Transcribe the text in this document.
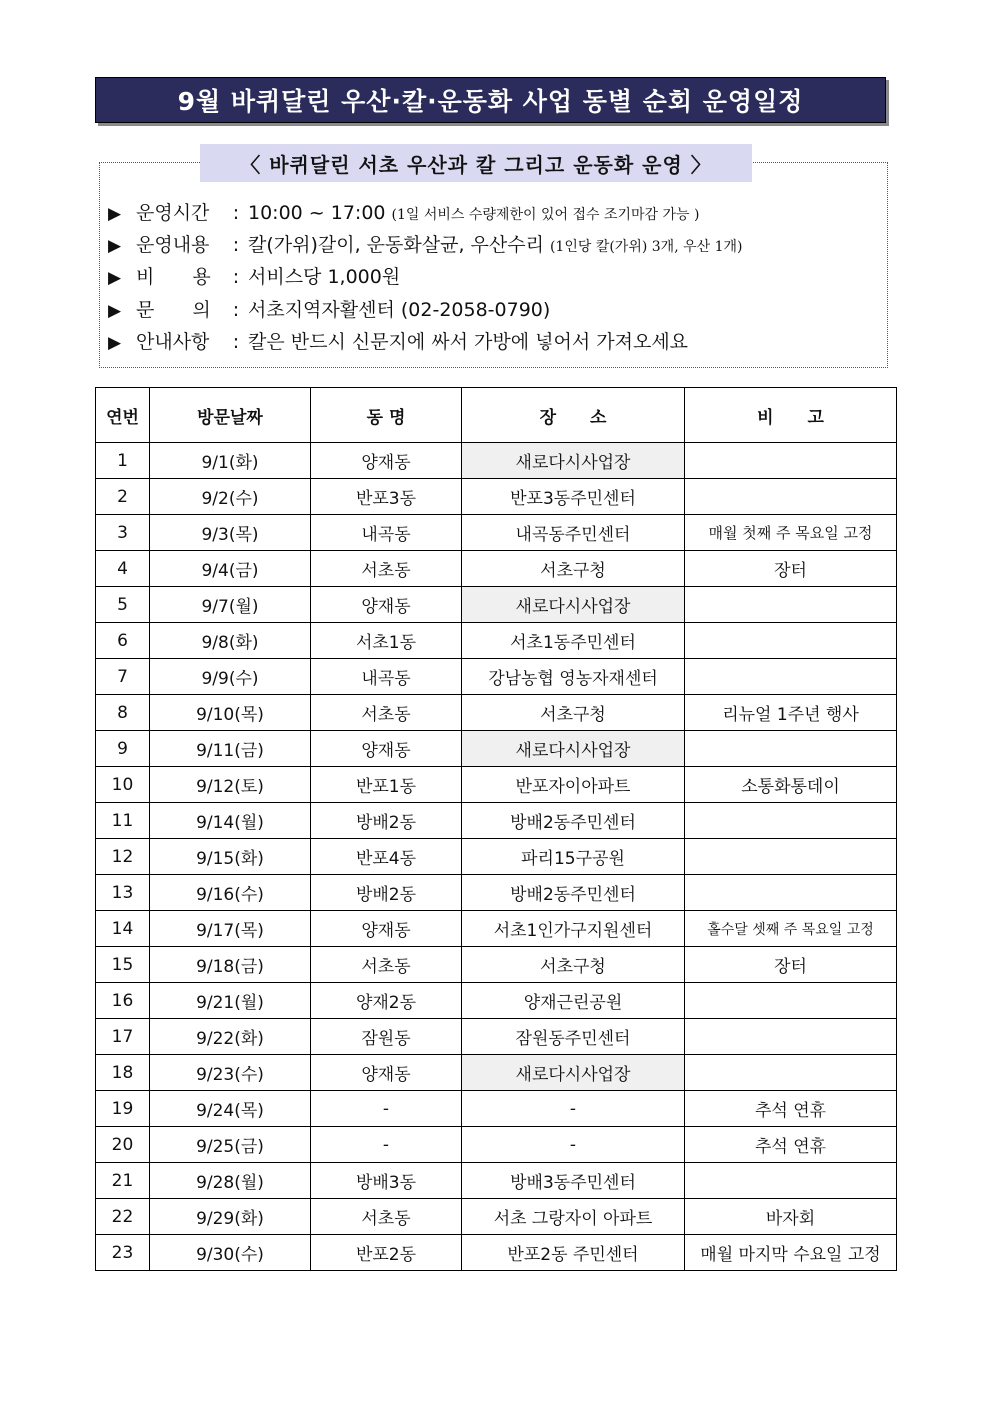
9월 바퀴달린 우산·칼·운동화 사업 동별 순회 운영일정
〈 바퀴달린 서초 우산과 칼 그리고 운동화 운영 〉
▶ 운영시간 : 10:00 ~ 17:00 (1일 서비스 수량제한이 있어 접수 조기마감 가능 )
▶ 운영내용 : 칼(가위)갈이, 운동화살균, 우산수리 (1인당 칼(가위) 3개, 우산 1개)
▶ 비　　용 : 서비스당 1,000원
▶ 문　　의 : 서초지역자활센터 (02-2058-0790)
▶ 안내사항 : 칼은 반드시 신문지에 싸서 가방에 넣어서 가져오세요
연번	방문날짜	동 명	장　　소	비　　고
1	9/1(화)	양재동	새로다시사업장	
2	9/2(수)	반포3동	반포3동주민센터	
3	9/3(목)	내곡동	내곡동주민센터	매월 첫째 주 목요일 고정
4	9/4(금)	서초동	서초구청	장터
5	9/7(월)	양재동	새로다시사업장	
6	9/8(화)	서초1동	서초1동주민센터	
7	9/9(수)	내곡동	강남농협 영농자재센터	
8	9/10(목)	서초동	서초구청	리뉴얼 1주년 행사
9	9/11(금)	양재동	새로다시사업장	
10	9/12(토)	반포1동	반포자이아파트	소통화통데이
11	9/14(월)	방배2동	방배2동주민센터	
12	9/15(화)	반포4동	파리15구공원	
13	9/16(수)	방배2동	방배2동주민센터	
14	9/17(목)	양재동	서초1인가구지원센터	홀수달 셋째 주 목요일 고정
15	9/18(금)	서초동	서초구청	장터
16	9/21(월)	양재2동	양재근린공원	
17	9/22(화)	잠원동	잠원동주민센터	
18	9/23(수)	양재동	새로다시사업장	
19	9/24(목)	-	-	추석 연휴
20	9/25(금)	-	-	추석 연휴
21	9/28(월)	방배3동	방배3동주민센터	
22	9/29(화)	서초동	서초 그랑자이 아파트	바자회
23	9/30(수)	반포2동	반포2동 주민센터	매월 마지막 수요일 고정
